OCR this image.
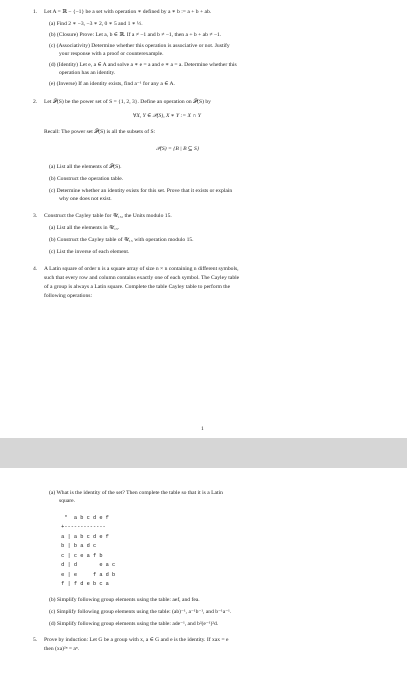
1. Let A = ℝ − {−1} be a set with operation ∗ defined by a ∗ b := a + b + ab.
(a) Find 2 ∗ −3, −3 ∗ 2, 0 ∗ 5 and 1 ∗ ½.
(b) (Closure) Prove: Let a, b ∈ ℝ. If a ≠ −1 and b ≠ −1, then a + b + ab ≠ −1.
(c) (Associativity) Determine whether this operation is associative or not. Justify
your response with a proof or counterexample.
(d) (Identity) Let e, a ∈ A and solve a ∗ e = a and e ∗ a = a. Determine whether this
operation has an identity.
(e) (Inverse) If an identity exists, find a⁻¹ for any a ∈ A.
2. Let 𝒫(S) be the power set of S = {1, 2, 3}. Define an operation on 𝒫(S) by
∀X, Y ∈ 𝒫(S), X ∗ Y := X ∩ Y
Recall: The power set 𝒫(S) is all the subsets of S:
𝒫(S) = {B | B ⊆ S}
(a) List all the elements of 𝒫(S).
(b) Construct the operation table.
(c) Determine whether an identity exists for this set. Prove that it exists or explain
why one does not exist.
3. Construct the Cayley table for 𝒰₁₅, the Units modulo 15.
(a) List all the elements in 𝒰₁₅.
(b) Construct the Cayley table of 𝒰₁₅ with operation modulo 15.
(c) List the inverse of each element.
4. A Latin square of order n is a square array of size n × n containing n different symbols,
such that every row and column contains exactly one of each symbol. The Cayley table
of a group is always a Latin square. Complete the table Cayley table to perform the
following operations:
1
(a) What is the identity of the set? Then complete the table so that it is a Latin
square.
*  a b c d e f
+-------------
a | a b c d e f
b | b a d c
c | c e a f b
d | d       e a c
e | e     f a d b
f | f d e b c a
(b) Simplify following group elements using the table: aef, and fea.
(c) Simplify following group elements using the table: (ab)⁻¹, a⁻¹b⁻¹, and b⁻¹a⁻¹.
(d) Simplify following group elements using the table: ade⁻¹, and b²(e⁻¹)²d.
5. Prove by induction: Let G be a group with x, a ∈ G and e is the identity. If xax = e
then (xa)²ⁿ = aⁿ.
